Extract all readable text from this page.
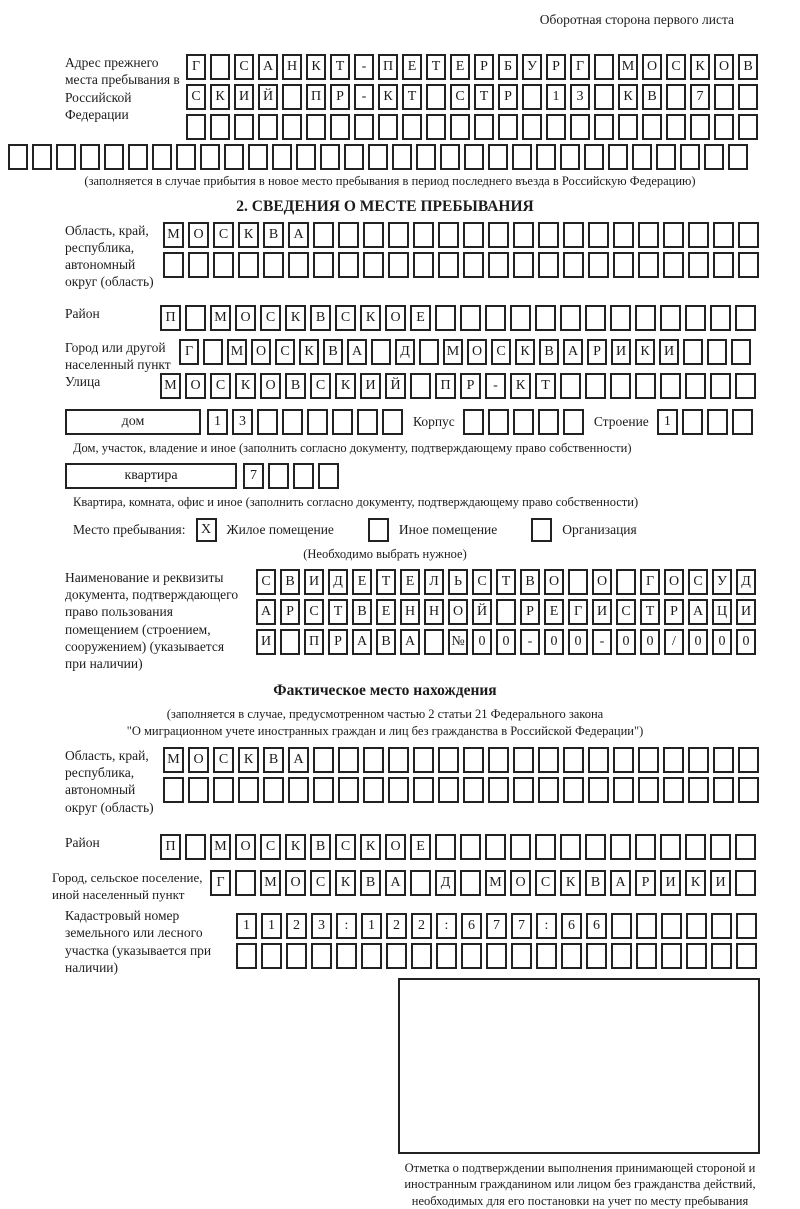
Оборотная сторона первого листа
Адрес прежнего места пребывания в Российской Федерации
Г	С	А Н	К	Т	-	П	Е	Т	Е	Р	Б	У	Р	Г	М О	С	К	О	В
С	К	И Й	П	Р	-	К	Т	С	Т	Р	1	3	К	В	7
(заполняется в случае прибытия в новое место пребывания в период последнего въезда в Российскую Федерацию)
2. СВЕДЕНИЯ О МЕСТЕ ПРЕБЫВАНИЯ
Область, край, республика, автономный округ (область)
М О	С	К	В	А
Район	П	М О	С	К	В	С	К	О	Е
Город или другой населенный пункт
Г	М О	С	К	В	А	Д	М О	С	К	В	А	Р	И	К	И
Улица	М О	С	К	О	В	С	К	И	Й	П	Р	-	К	Т
дом	1	3	Корпус	Строение	1
Дом, участок, владение и иное (заполнить согласно документу, подтверждающему право собственности)
квартира	7
Квартира, комната, офис и иное (заполнить согласно документу, подтверждающему право собственности)
Место пребывания:	X	Жилое помещение	Иное помещение	Организация
(Необходимо выбрать нужное)
Наименование и реквизиты документа, подтверждающего право пользования помещением (строением, сооружением) (указывается при наличии)
С	В	И	Д	Е	Т	Е	Л	Ь	С	Т	В	О	О	Г	О	С	У	Д
А	Р	С	Т	В	Е	Н Н О Й	Р	Е	Г	И	С	Т	Р	А Ц И
И	П	Р	А	В	А	№ 0	0	-	0	0	-	0	0	/	0	0	0
Фактическое место нахождения
(заполняется в случае, предусмотренном частью 2 статьи 21 Федерального закона
"О миграционном учете иностранных граждан и лиц без гражданства в Российской Федерации")
Область, край, республика, автономный округ (область)
М О	С	К	В	А
Район	П	М О	С	К	В	С	К	О	Е
Город, сельское поселение, иной населенный пункт
Г	М О	С	К	В	А	Д	М О	С	К	В	А	Р	И	К	И
Кадастровый номер земельного или лесного участка (указывается при наличии)
1	1	2	3	:	1	2	2	:	6	7	7	:	6	6
Отметка о подтверждении выполнения принимающей стороной и иностранным гражданином или лицом без гражданства действий, необходимых для его постановки на учет по месту пребывания
